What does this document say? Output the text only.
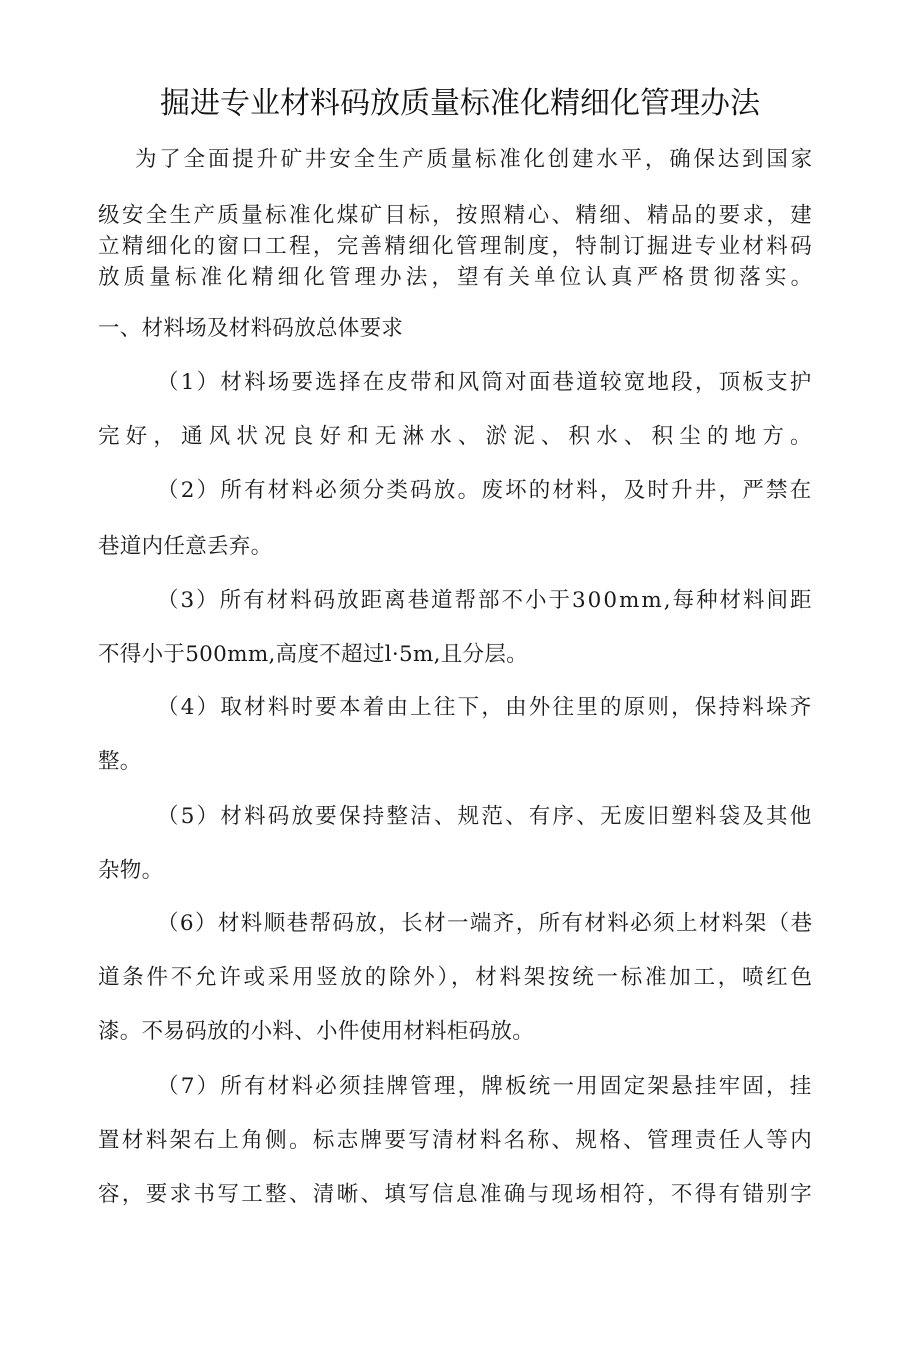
掘进专业材料码放质量标准化精细化管理办法
为了全面提升矿井安全生产质量标准化创建水平，确保达到国家
级安全生产质量标准化煤矿目标，按照精心、精细、精品的要求，建
立精细化的窗口工程，完善精细化管理制度，特制订掘进专业材料码
放质量标准化精细化管理办法，望有关单位认真严格贯彻落实。
一、材料场及材料码放总体要求
（1）材料场要选择在皮带和风筒对面巷道较宽地段，顶板支护
完好，通风状况良好和无淋水、淤泥、积水、积尘的地方。
（2）所有材料必须分类码放。废坏的材料，及时升井，严禁在
巷道内任意丢弃。
（3）所有材料码放距离巷道帮部不小于300mm,每种材料间距
不得小于500mm,高度不超过l·5m,且分层。
（4）取材料时要本着由上往下，由外往里的原则，保持料垛齐
整。
（5）材料码放要保持整洁、规范、有序、无废旧塑料袋及其他
杂物。
（6）材料顺巷帮码放，长材一端齐，所有材料必须上材料架（巷
道条件不允许或采用竖放的除外），材料架按统一标准加工，喷红色
漆。不易码放的小料、小件使用材料柜码放。
（7）所有材料必须挂牌管理，牌板统一用固定架悬挂牢固，挂
置材料架右上角侧。标志牌要写清材料名称、规格、管理责任人等内
容，要求书写工整、清晰、填写信息准确与现场相符，不得有错别字
